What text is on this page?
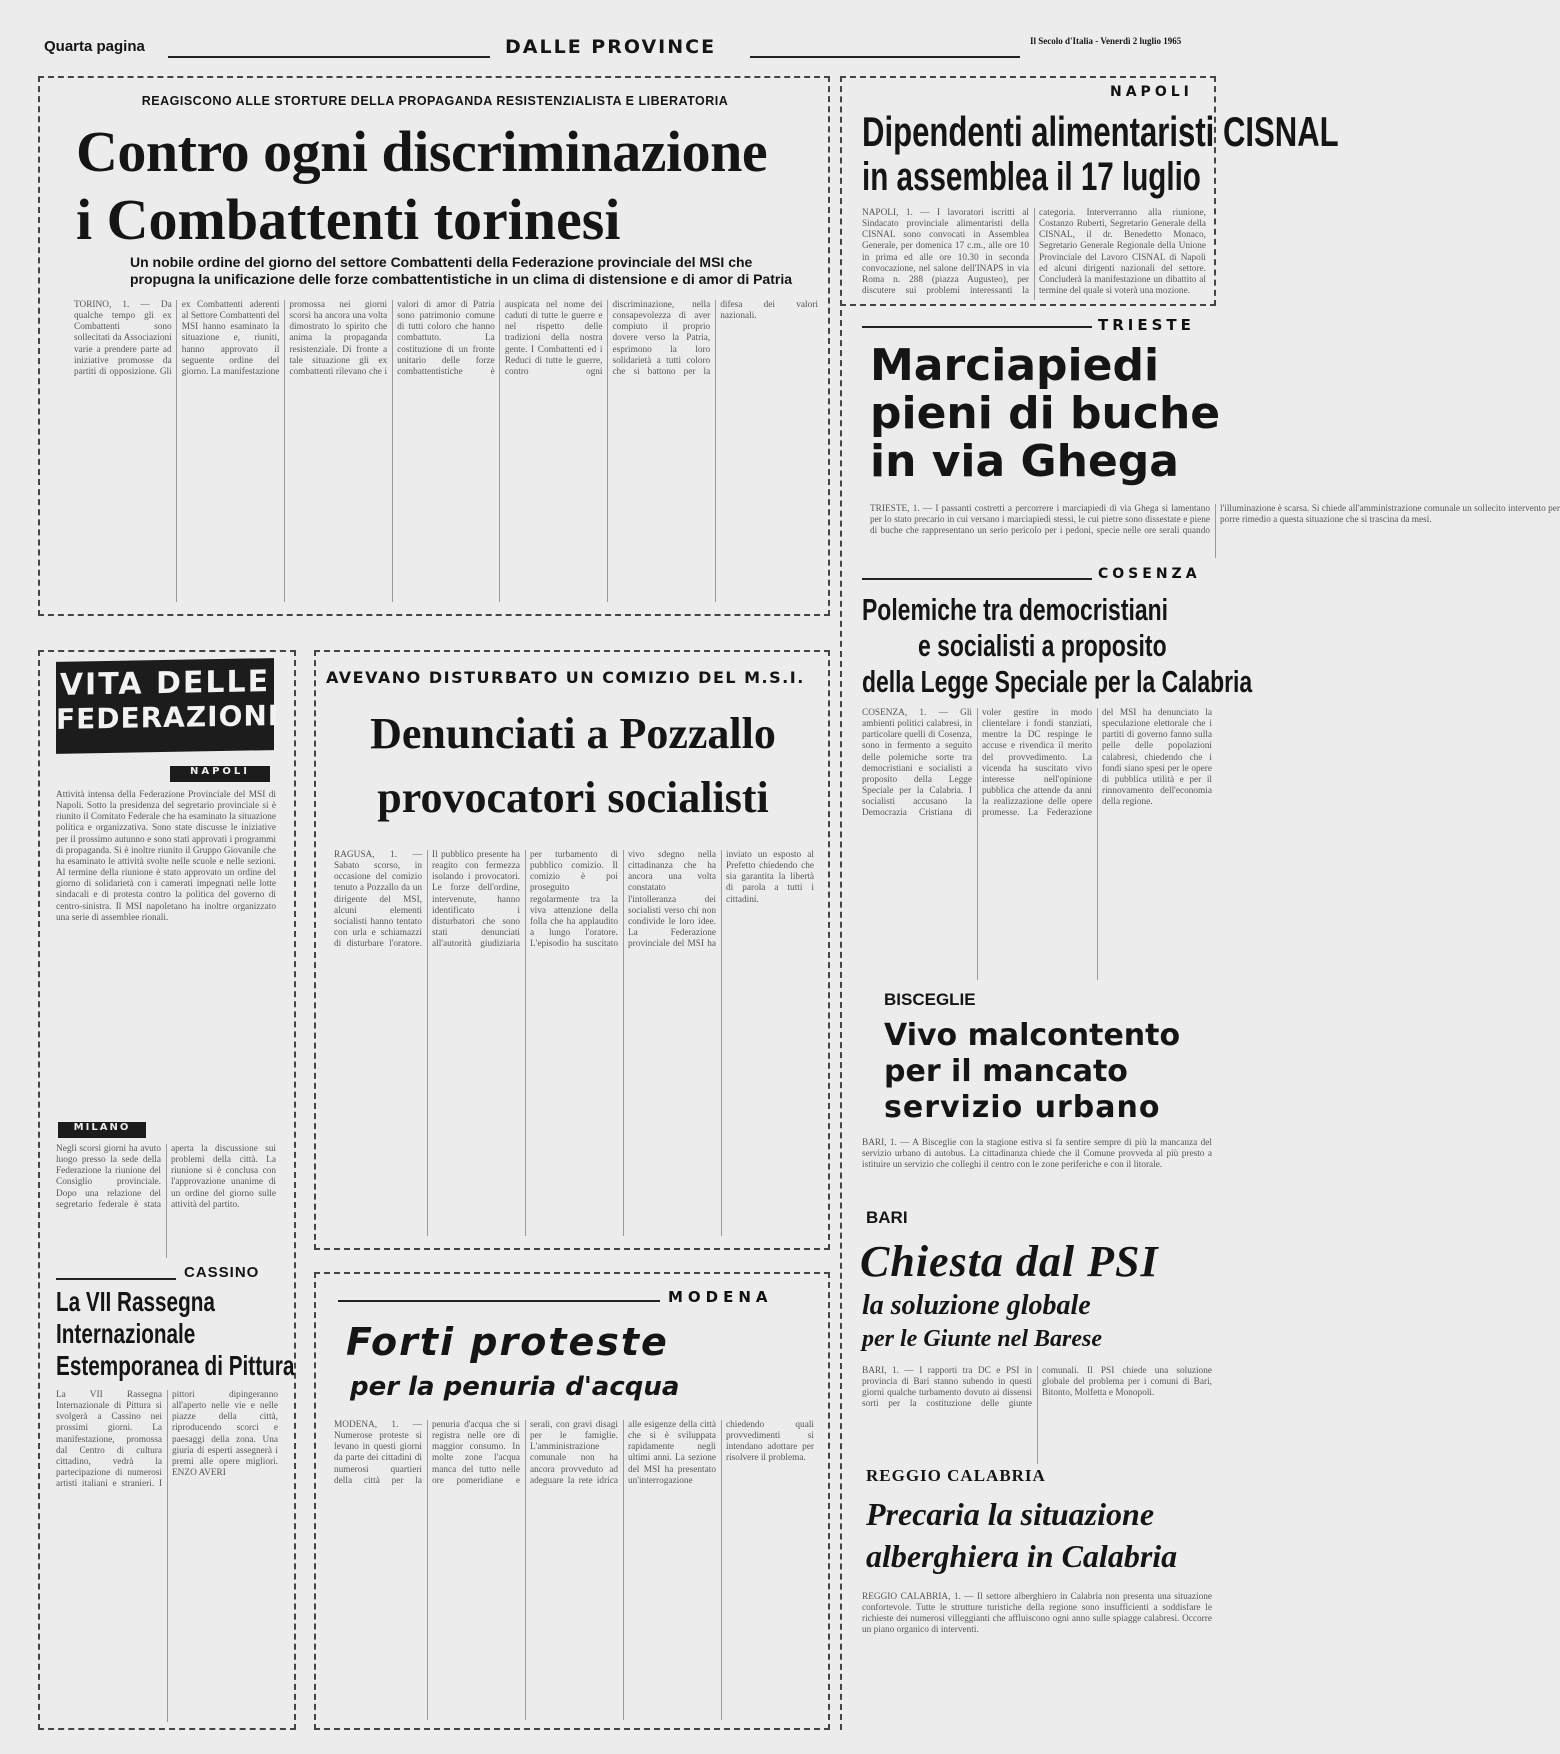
Quarta pagina	DALLE PROVINCE	Il Secolo d'Italia - Venerdì 2 luglio 1965
REAGISCONO ALLE STORTURE DELLA PROPAGANDA RESISTENZIALISTA E LIBERATORIA
Contro ogni discriminazione
i Combattenti torinesi
Un nobile ordine del giorno del settore Combattenti della Federazione provinciale del MSI che propugna la unificazione delle forze combattentistiche in un clima di distensione e di amor di Patria

TORINO, 1. — Da qualche tempo gli ex Combattenti sono sollecitati da Associazioni varie a prendere parte ad iniziative promosse da partiti di opposizione. Gli ex Combattenti aderenti al Settore Combattenti del MSI hanno esaminato la situazione e, riuniti, hanno approvato il seguente ordine del giorno. La manifestazione promossa nei giorni scorsi ha ancora una volta dimostrato lo spirito che anima la propaganda resistenziale. Di fronte a tale situazione gli ex combattenti rilevano che i valori di amor di Patria sono patrimonio comune di tutti coloro che hanno combattuto. La costituzione di un fronte unitario delle forze combattentistiche è auspicata nel nome dei caduti di tutte le guerre e nel rispetto delle tradizioni della nostra gente. I Combattenti ed i Reduci di tutte le guerre, contro ogni discriminazione, nella consapevolezza di aver compiuto il proprio dovere verso la Patria, esprimono la loro solidarietà a tutti coloro che si battono per la difesa dei valori nazionali.

NAPOLI
Dipendenti alimentaristi CISNAL
in assemblea il 17 luglio

NAPOLI, 1. — I lavoratori iscritti al Sindacato provinciale alimentaristi della CISNAL sono convocati in Assemblea Generale, per domenica 17 c.m., alle ore 10 in prima ed alle ore 10.30 in seconda convocazione, nel salone dell'INAPS in via Roma n. 288 (piazza Augusteo), per discutere sui problemi interessanti la categoria. Interverranno alla riunione, Costanzo Ruberti, Segretario Generale della CISNAL, il dr. Benedetto Monaco, Segretario Generale Regionale della Unione Provinciale del Lavoro CISNAL di Napoli ed alcuni dirigenti nazionali del settore. Concluderà la manifestazione un dibattito al termine del quale si voterà una mozione.

TRIESTE
Marciapiedi
pieni di buche
in via Ghega

TRIESTE, 1. — I passanti costretti a percorrere i marciapiedi di via Ghega si lamentano per lo stato precario in cui versano i marciapiedi stessi, le cui pietre sono dissestate e piene di buche che rappresentano un serio pericolo per i pedoni, specie nelle ore serali quando l'illuminazione è scarsa. Si chiede all'amministrazione comunale un sollecito intervento per porre rimedio a questa situazione che si trascina da mesi.

COSENZA
Polemiche tra democristiani
e socialisti a proposito
della Legge Speciale per la Calabria

COSENZA, 1. — Gli ambienti politici calabresi, in particolare quelli di Cosenza, sono in fermento a seguito delle polemiche sorte tra democristiani e socialisti a proposito della Legge Speciale per la Calabria. I socialisti accusano la Democrazia Cristiana di voler gestire in modo clientelare i fondi stanziati, mentre la DC respinge le accuse e rivendica il merito del provvedimento. La vicenda ha suscitato vivo interesse nell'opinione pubblica che attende da anni la realizzazione delle opere promesse. La Federazione del MSI ha denunciato la speculazione elettorale che i partiti di governo fanno sulla pelle delle popolazioni calabresi, chiedendo che i fondi siano spesi per le opere di pubblica utilità e per il rinnovamento dell'economia della regione.

BISCEGLIE
Vivo malcontento
per il mancato
servizio urbano

BARI, 1. — A Bisceglie con la stagione estiva si fa sentire sempre di più la mancanza del servizio urbano di autobus. La cittadinanza chiede che il Comune provveda al più presto a istituire un servizio che colleghi il centro con le zone periferiche e con il litorale.

BARI
Chiesta dal PSI
la soluzione globale
per le Giunte nel Barese

BARI, 1. — I rapporti tra DC e PSI in provincia di Bari stanno subendo in questi giorni qualche turbamento dovuto ai dissensi sorti per la costituzione delle giunte comunali. Il PSI chiede una soluzione globale del problema per i comuni di Bari, Bitonto, Molfetta e Monopoli.

REGGIO CALABRIA
Precaria la situazione
alberghiera in Calabria

REGGIO CALABRIA, 1. — Il settore alberghiero in Calabria non presenta una situazione confortevole. Tutte le strutture turistiche della regione sono insufficienti a soddisfare le richieste dei numerosi villeggianti che affluiscono ogni anno sulle spiagge calabresi. Occorre un piano organico di interventi.

VITA DELLE
FEDERAZIONI
NAPOLI

Attività intensa della Federazione Provinciale del MSI di Napoli. Sotto la presidenza del segretario provinciale si è riunito il Comitato Federale che ha esaminato la situazione politica e organizzativa. Sono state discusse le iniziative per il prossimo autunno e sono stati approvati i programmi di propaganda. Si è inoltre riunito il Gruppo Giovanile che ha esaminato le attività svolte nelle scuole e nelle sezioni. Al termine della riunione è stato approvato un ordine del giorno di solidarietà con i camerati impegnati nelle lotte sindacali e di protesta contro la politica del governo di centro-sinistra. Il MSI napoletano ha inoltre organizzato una serie di assemblee rionali.

MILANO

Negli scorsi giorni ha avuto luogo presso la sede della Federazione la riunione del Consiglio provinciale. Dopo una relazione del segretario federale è stata aperta la discussione sui problemi della città. La riunione si è conclusa con l'approvazione unanime di un ordine del giorno sulle attività del partito.

CASSINO
La VII Rassegna
Internazionale
Estemporanea di Pittura

La VII Rassegna Internazionale di Pittura si svolgerà a Cassino nei prossimi giorni. La manifestazione, promossa dal Centro di cultura cittadino, vedrà la partecipazione di numerosi artisti italiani e stranieri. I pittori dipingeranno all'aperto nelle vie e nelle piazze della città, riproducendo scorci e paesaggi della zona. Una giuria di esperti assegnerà i premi alle opere migliori. ENZO AVERI

AVEVANO DISTURBATO UN COMIZIO DEL M.S.I.
Denunciati a Pozzallo
provocatori socialisti

RAGUSA, 1. — Sabato scorso, in occasione del comizio tenuto a Pozzallo da un dirigente del MSI, alcuni elementi socialisti hanno tentato con urla e schiamazzi di disturbare l'oratore. Il pubblico presente ha reagito con fermezza isolando i provocatori. Le forze dell'ordine, intervenute, hanno identificato i disturbatori che sono stati denunciati all'autorità giudiziaria per turbamento di pubblico comizio. Il comizio è poi proseguito regolarmente tra la viva attenzione della folla che ha applaudito a lungo l'oratore. L'episodio ha suscitato vivo sdegno nella cittadinanza che ha ancora una volta constatato l'intolleranza dei socialisti verso chi non condivide le loro idee. La Federazione provinciale del MSI ha inviato un esposto al Prefetto chiedendo che sia garantita la libertà di parola a tutti i cittadini.

MODENA
Forti proteste
per la penuria d'acqua

MODENA, 1. — Numerose proteste si levano in questi giorni da parte dei cittadini di numerosi quartieri della città per la penuria d'acqua che si registra nelle ore di maggior consumo. In molte zone l'acqua manca del tutto nelle ore pomeridiane e serali, con gravi disagi per le famiglie. L'amministrazione comunale non ha ancora provveduto ad adeguare la rete idrica alle esigenze della città che si è sviluppata rapidamente negli ultimi anni. La sezione del MSI ha presentato un'interrogazione chiedendo quali provvedimenti si intendano adottare per risolvere il problema.
